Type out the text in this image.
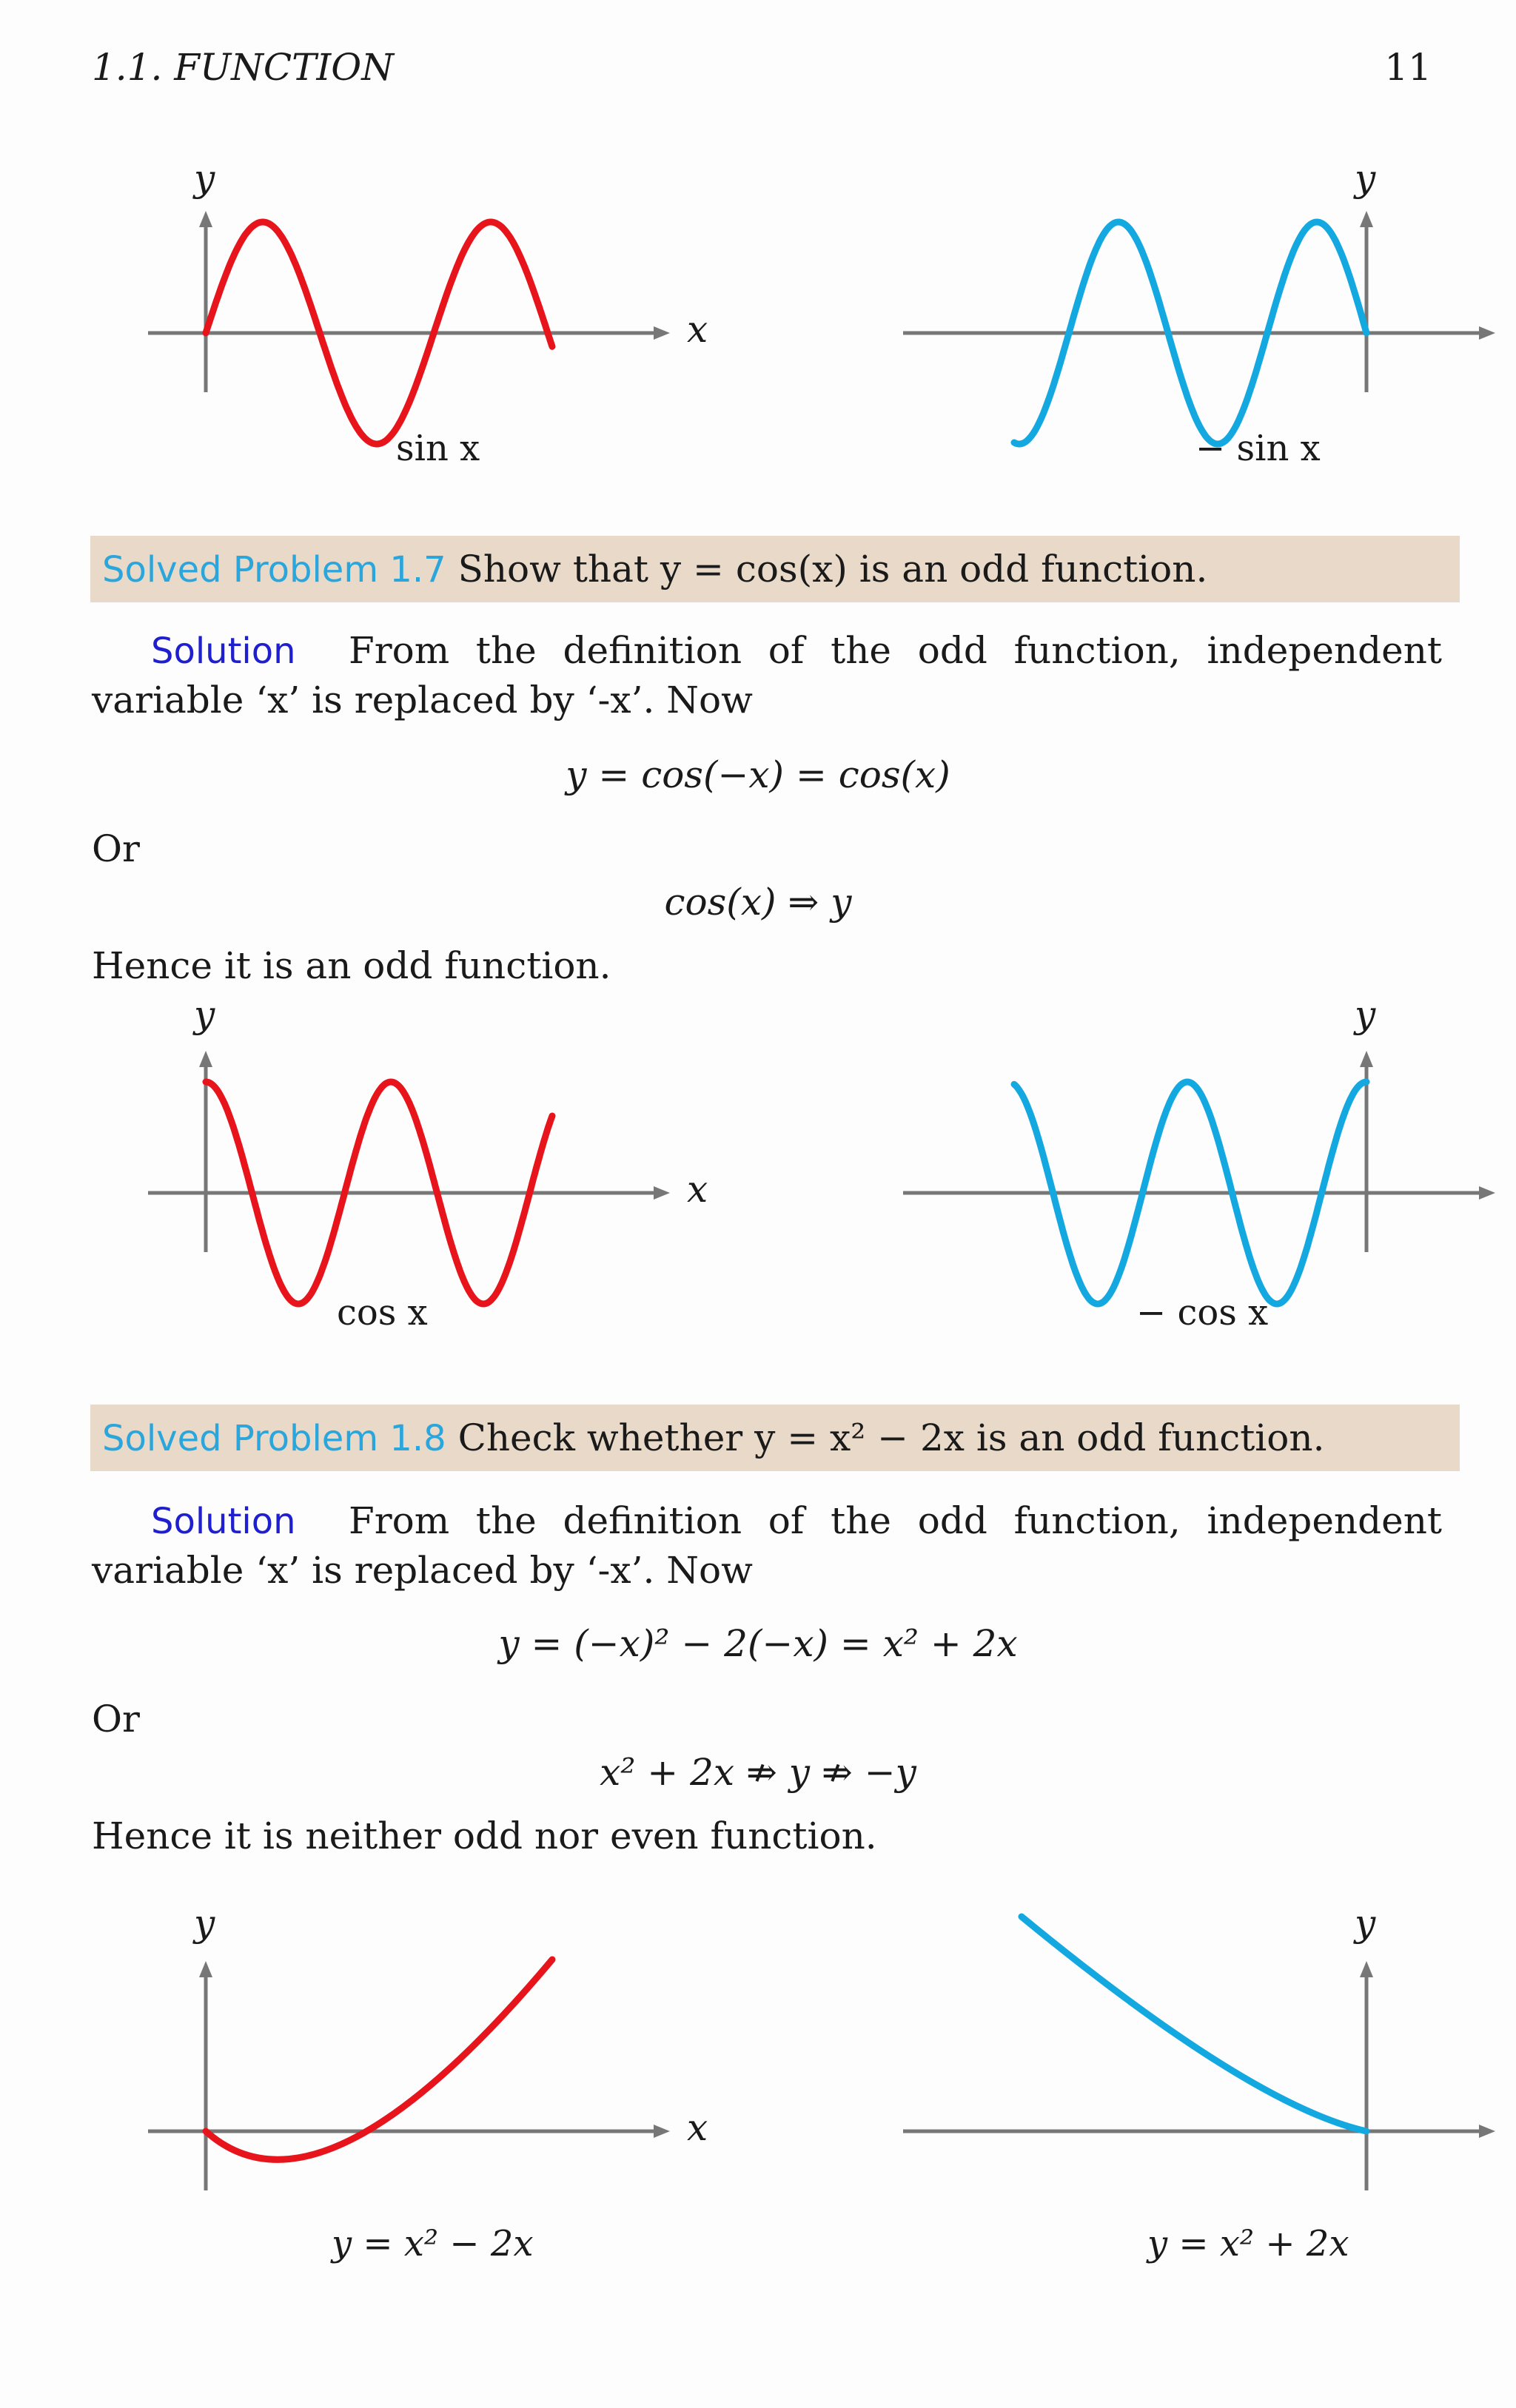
1.1. FUNCTION	11
y
x
sin x
y
− sin x
Solved Problem 1.7 Show that y = cos(x) is an odd function.
Solution From the definition of the odd function, independent variable ‘x’ is replaced by ‘-x’. Now
y = cos(−x) = cos(x)
Or
cos(x) ⇒ y
Hence it is an odd function.
y
x
cos x
y
− cos x
Solved Problem 1.8 Check whether y = x² − 2x is an odd function.
Solution From the definition of the odd function, independent variable ‘x’ is replaced by ‘-x’. Now
y = (−x)² − 2(−x) = x² + 2x
Or
x² + 2x ⇏ y ⇏ −y
Hence it is neither odd nor even function.
y
x
y = x² − 2x
y
y = x² + 2x
